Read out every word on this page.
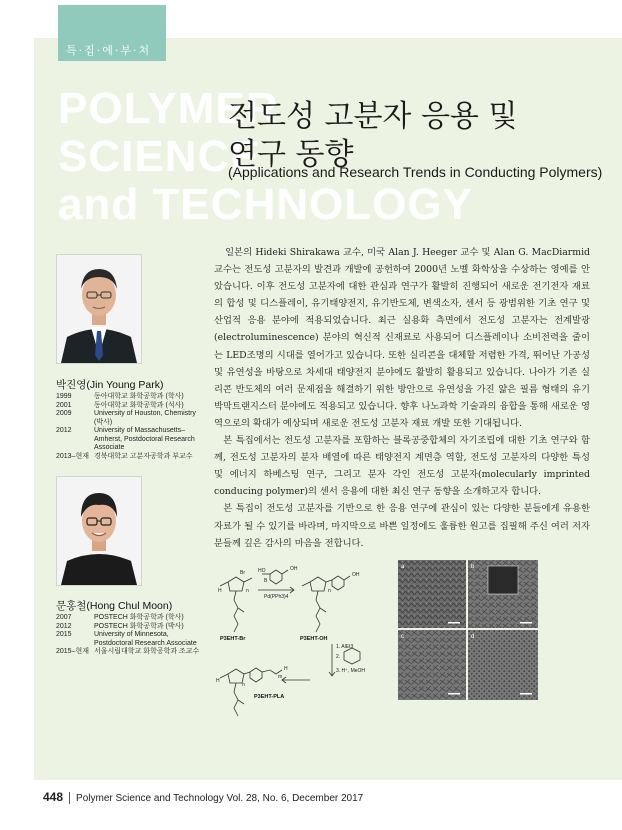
특·집·에·부·쳐
POLYMER
SCIENCE
and TECHNOLOGY
전도성 고분자 응용 및
연구 동향
(Applications and Research Trends in Conducting Polymers)
박진영(Jin Young Park)
1999	동아대학교 화학공학과 (학사)
2001	동아대학교 화학공학과 (석사)
2009	University of Houston, Chemistry (박사)
2012	University of Massachusetts–Amherst, Postdoctoral Research Associate
2013–현재	경북대학교 고분자공학과 부교수
문홍철(Hong Chul Moon)
2007	POSTECH 화학공학과 (학사)
2012	POSTECH 화학공학과 (박사)
2015	University of Minnesota, Postdoctoral Research Associate
2015–현재	서울시립대학교 화학공학과 조교수

일본의 Hideki Shirakawa 교수, 미국 Alan J. Heeger 교수 및 Alan G. MacDiarmid 교수는 전도성 고분자의 발견과 개발에 공헌하여 2000년 노벨 화학상을 수상하는 영예를 안았습니다. 이후 전도성 고분자에 대한 관심과 연구가 활발히 진행되어 새로운 전기전자 재료의 합성 및 디스플레이, 유기태양전지, 유기반도체, 변색소자, 센서 등 광범위한 기초 연구 및 산업적 응용 분야에 적용되었습니다. 최근 실용화 측면에서 전도성 고분자는 전계발광(electroluminescence) 분야의 혁신적 신재료로 사용되어 디스플레이나 소비전력을 줄이는 LED조명의 시대를 열어가고 있습니다. 또한 실리콘을 대체할 저렴한 가격, 뛰어난 가공성 및 유연성을 바탕으로 차세대 태양전지 분야에도 활발히 활용되고 있습니다. 나아가 기존 실리콘 반도체의 여러 문제점을 해결하기 위한 방안으로 유연성을 가진 얇은 필름 형태의 유기박막트랜지스터 분야에도 적용되고 있습니다. 향후 나노과학 기술과의 융합을 통해 새로운 영역으로의 확대가 예상되며 새로운 전도성 고분자 재료 개발 또한 기대됩니다.

본 특집에서는 전도성 고분자를 포함하는 블록공중합체의 자기조립에 대한 기초 연구와 함께, 전도성 고분자의 분자 배열에 따른 태양전지 계면층 역할, 전도성 고분자의 다양한 특성 및 에너지 하베스팅 연구, 그리고 분자 각인 전도성 고분자(molecularly imprinted conducing polymer)의 센서 응용에 대한 최신 연구 동향을 소개하고자 합니다.

본 특집이 전도성 고분자를 기반으로 한 응용 연구에 관심이 있는 다양한 분들에게 유용한 자료가 될 수 있기를 바라며, 마지막으로 바쁜 일정에도 훌륭한 원고를 집필해 주신 여러 저자분들께 깊은 감사의 마음을 전합니다.

Br
OH
HO
B
Pd(PPh3)4
H	n
OH
n
1. AlEt3
2.
3. H⁺, MeOH
H
n
H
m
P3EHT-Br	P3EHT-OH
P3EHT-PLA
a	b
c	d
448 Polymer Science and Technology Vol. 28, No. 6, December 2017
